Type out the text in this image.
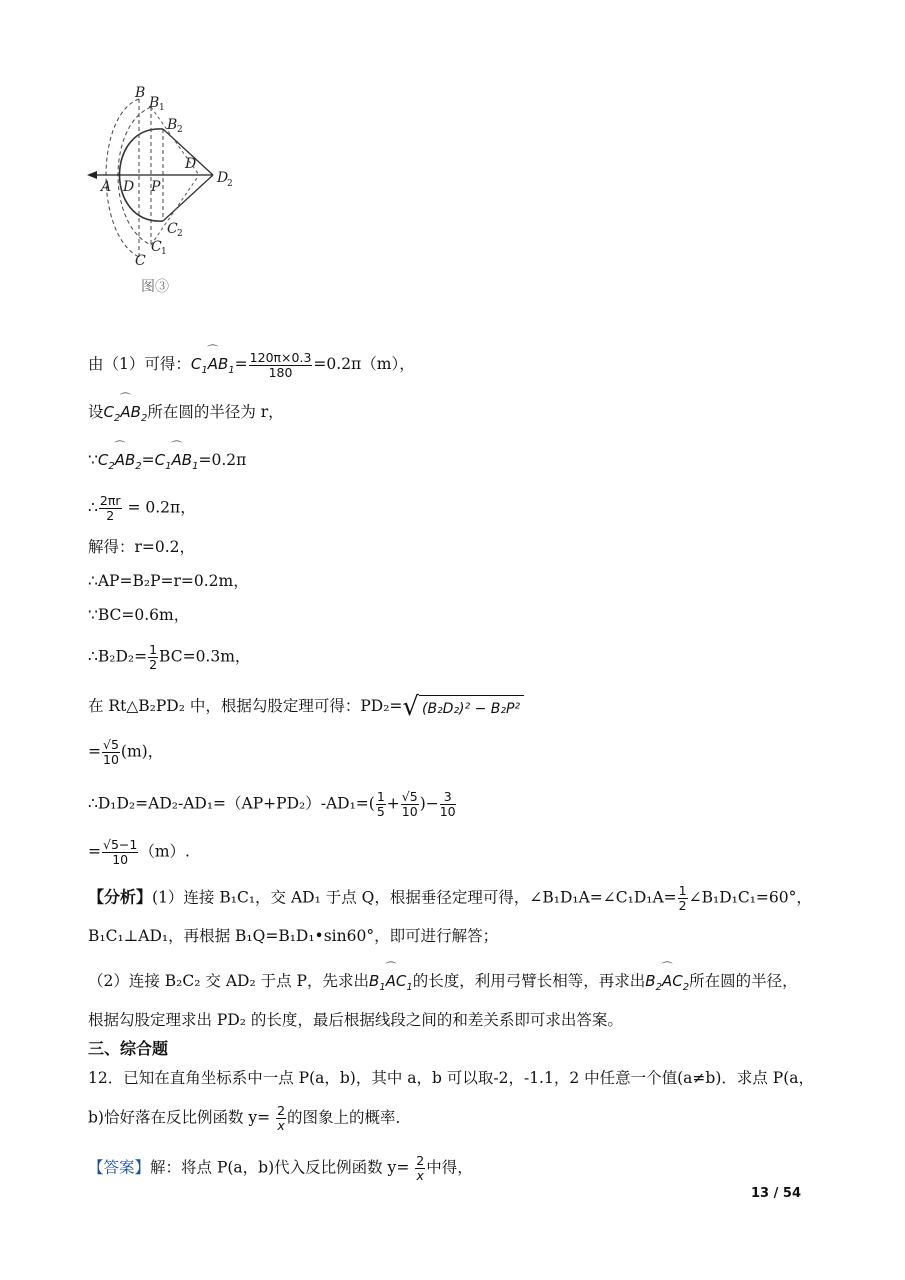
B
B 1
B 2
D
D
2
A D P
C 2
C 1
C
图③
由（1）可得：⌒ $C_1AB_1= \frac{120\pi\times 0.3}{180} =0.2\pi(m)$，
设⌒ $C_2AB_2$所在圆的半径为 r，
∵⌒ $C_2AB_2=⌒$ $C_1AB_1=0.2\pi$
∴ $\frac{2\pi r}{2} = 0.2\pi$，
解得：r=0.2，
∴AP=B₂P=r=0.2m，
∵BC=0.6m，
∴B₂D₂= $\frac{1}{2} BC=0.3m$，
在 Rt△B₂PD₂ 中，根据勾股定理可得：PD₂=√ (B₂D₂)² − B₂P²
= $\frac{√5}{10} (m)$，
∴D₁D₂=AD₂-AD₁=（AP+PD₂）-AD₁=( $\frac{1}{5} + \frac{√5}{10}$ )− $\frac{3}{10}$
= $\frac{√5-1}{10} (m)$.
【分析】(1）连接 B₁C₁，交 AD₁ 于点 Q，根据垂径定理可得，∠B₁D₁A=∠C₁D₁A= $\frac{1}{2}$ ∠B₁D₁C₁=60°，
B₁C₁⊥AD₁，再根据 B₁Q=B₁D₁•sin60°，即可进行解答；
（2）连接 B₂C₂ 交 AD₂ 于点 P，先求出⌒ $B_1AC_1$的长度，利用弓臂长相等，再求出⌒ $B_2AC_2$所在圆的半径，
根据勾股定理求出 PD₂ 的长度，最后根据线段之间的和差关系即可求出答案。
三、综合题
12．已知在直角坐标系中一点 P(a，b)，其中 a，b 可以取-2，-1.1，2 中任意一个值(a≠b)．求点 P(a，
b)恰好落在反比例函数 $y= \frac{2}{x}$ 的图象上的概率．
【答案】解：将点 P(a，b)代入反比例函数 $y= \frac{2}{x}$ 中得，
13 / 54
